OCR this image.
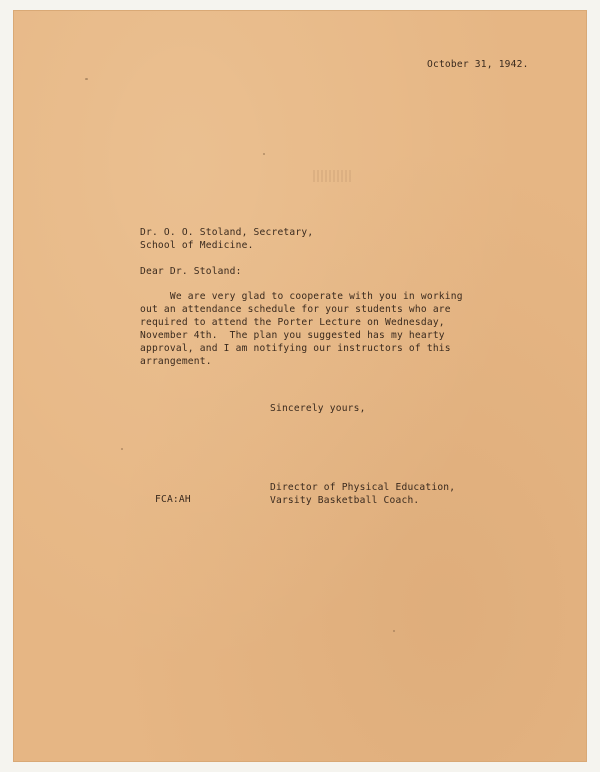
October 31, 1942.
Dr. O. O. Stoland, Secretary,
School of Medicine.
Dear Dr. Stoland:
We are very glad to cooperate with you in working
out an attendance schedule for your students who are
required to attend the Porter Lecture on Wednesday,
November 4th.  The plan you suggested has my hearty
approval, and I am notifying our instructors of this
arrangement.
Sincerely yours,
Director of Physical Education,
Varsity Basketball Coach.
FCA:AH
